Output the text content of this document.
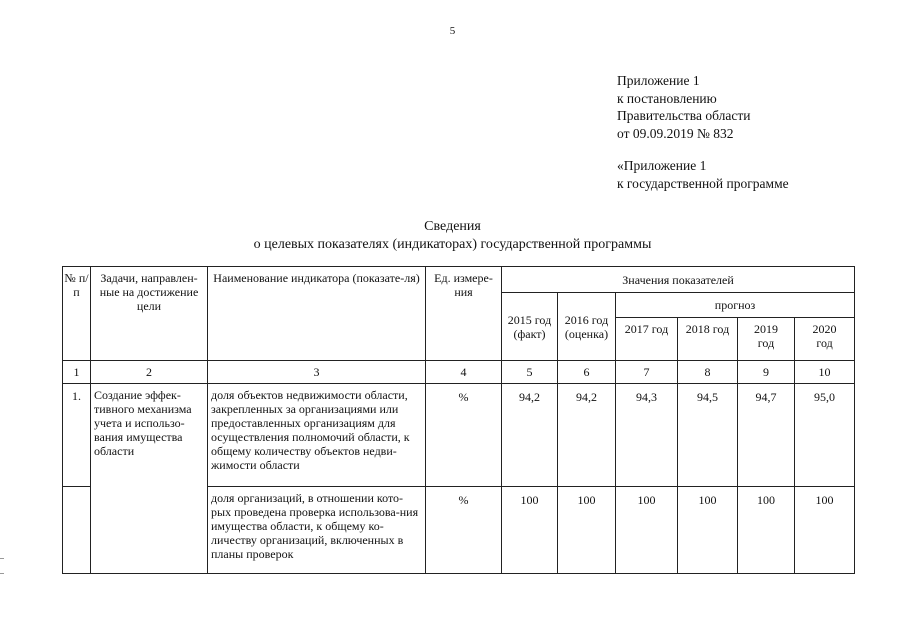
5
Приложение 1
к постановлению
Правительства области
от 09.09.2019 № 832
«Приложение 1
к государственной программе
Сведения
о целевых показателях (индикаторах) государственной программы
№ п/п	Задачи, направлен-ные на достижение цели	Наименование индикатора (показате-ля)	Ед. измере-ния	Значения показателей					
				2015 год (факт)	2016 год (оценка)	прогноз			
						2017 год	2018 год	2019 год	2020 год
1	2	3	4	5	6	7	8	9	10
1.	Создание эффек-тивного механизма учета и использо-вания имущества области	доля объектов недвижимости области, закрепленных за организациями или предоставленных организациям для осуществления полномочий области, к общему количеству объектов недви-жимости области	%	94,2	94,2	94,3	94,5	94,7	95,0
		доля организаций, в отношении кото-рых проведена проверка использова-ния имущества области, к общему ко-личеству организаций, включенных в планы проверок	%	100	100	100	100	100	100
